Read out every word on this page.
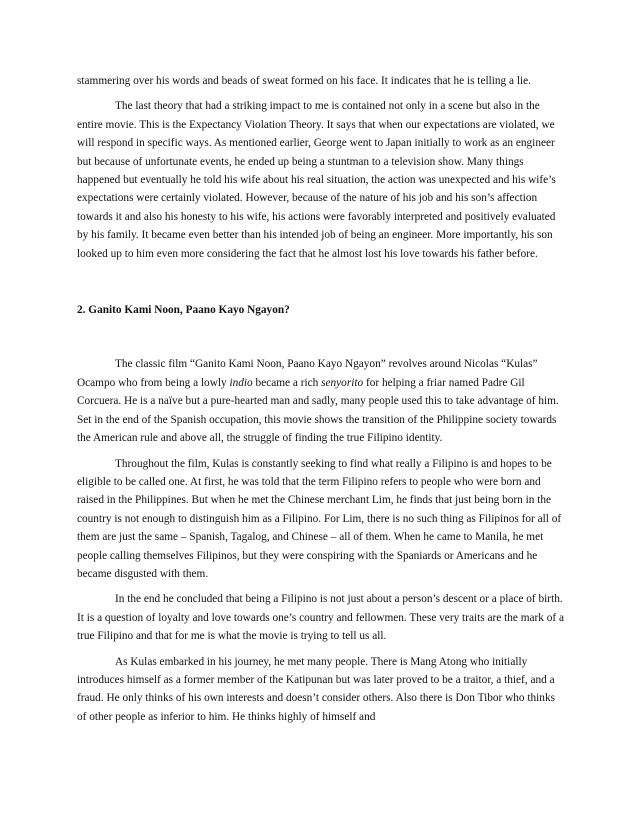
stammering over his words and beads of sweat formed on his face. It indicates that he is telling a lie.

The last theory that had a striking impact to me is contained not only in a scene but also in the entire movie. This is the Expectancy Violation Theory. It says that when our expectations are violated, we will respond in specific ways. As mentioned earlier, George went to Japan initially to work as an engineer but because of unfortunate events, he ended up being a stuntman to a television show. Many things happened but eventually he told his wife about his real situation, the action was unexpected and his wife’s expectations were certainly violated. However, because of the nature of his job and his son’s affection towards it and also his honesty to his wife, his actions were favorably interpreted and positively evaluated by his family. It became even better than his intended job of being an engineer. More importantly, his son looked up to him even more considering the fact that he almost lost his love towards his father before.

2. Ganito Kami Noon, Paano Kayo Ngayon?

The classic film “Ganito Kami Noon, Paano Kayo Ngayon” revolves around Nicolas “Kulas” Ocampo who from being a lowly indio became a rich senyorito for helping a friar named Padre Gil Corcuera. He is a naïve but a pure-hearted man and sadly, many people used this to take advantage of him. Set in the end of the Spanish occupation, this movie shows the transition of the Philippine society towards the American rule and above all, the struggle of finding the true Filipino identity.

Throughout the film, Kulas is constantly seeking to find what really a Filipino is and hopes to be eligible to be called one. At first, he was told that the term Filipino refers to people who were born and raised in the Philippines. But when he met the Chinese merchant Lim, he finds that just being born in the country is not enough to distinguish him as a Filipino. For Lim, there is no such thing as Filipinos for all of them are just the same – Spanish, Tagalog, and Chinese – all of them. When he came to Manila, he met people calling themselves Filipinos, but they were conspiring with the Spaniards or Americans and he became disgusted with them.

In the end he concluded that being a Filipino is not just about a person’s descent or a place of birth. It is a question of loyalty and love towards one’s country and fellowmen. These very traits are the mark of a true Filipino and that for me is what the movie is trying to tell us all.

As Kulas embarked in his journey, he met many people. There is Mang Atong who initially introduces himself as a former member of the Katipunan but was later proved to be a traitor, a thief, and a fraud. He only thinks of his own interests and doesn’t consider others. Also there is Don Tibor who thinks of other people as inferior to him. He thinks highly of himself and
